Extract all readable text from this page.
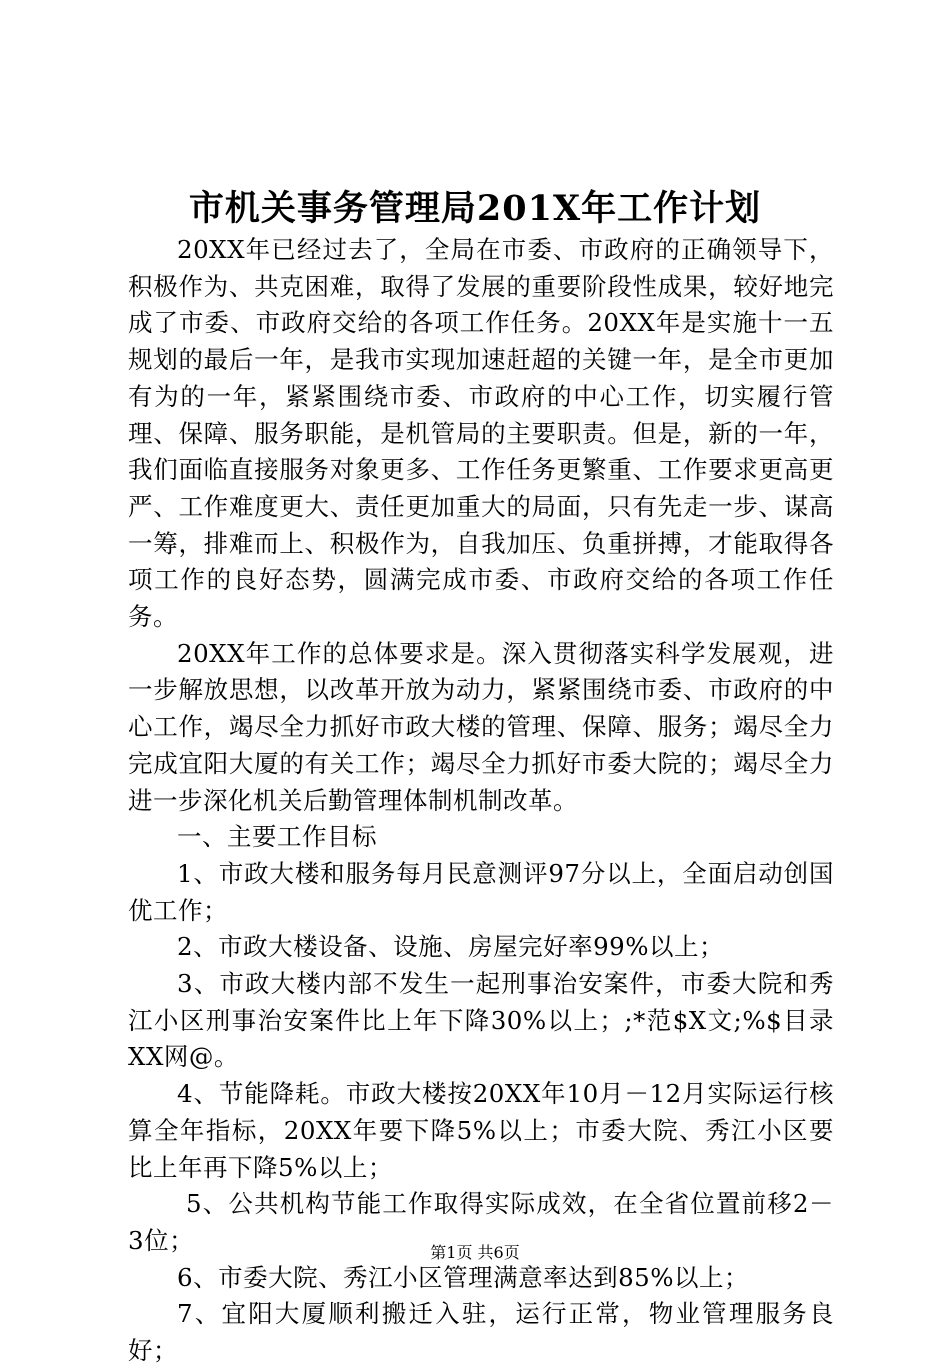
市机关事务管理局201X年工作计划

20XX年已经过去了，全局在市委、市政府的正确领导下，积极作为、共克困难，取得了发展的重要阶段性成果，较好地完成了市委、市政府交给的各项工作任务。20XX年是实施十一五规划的最后一年，是我市实现加速赶超的关键一年，是全市更加有为的一年，紧紧围绕市委、市政府的中心工作，切实履行管理、保障、服务职能，是机管局的主要职责。但是，新的一年，我们面临直接服务对象更多、工作任务更繁重、工作要求更高更严、工作难度更大、责任更加重大的局面，只有先走一步、谋高一筹，排难而上、积极作为，自我加压、负重拼搏，才能取得各项工作的良好态势，圆满完成市委、市政府交给的各项工作任务。

20XX年工作的总体要求是。深入贯彻落实科学发展观，进一步解放思想，以改革开放为动力，紧紧围绕市委、市政府的中心工作，竭尽全力抓好市政大楼的管理、保障、服务；竭尽全力完成宜阳大厦的有关工作；竭尽全力抓好市委大院的；竭尽全力进一步深化机关后勤管理体制机制改革。

一、主要工作目标

1、市政大楼和服务每月民意测评97分以上，全面启动创国优工作；

2、市政大楼设备、设施、房屋完好率99%以上；

3、市政大楼内部不发生一起刑事治安案件，市委大院和秀江小区刑事治安案件比上年下降30%以上；;*范$X文;%$目录XX网@。

4、节能降耗。市政大楼按20XX年10月－12月实际运行核算全年指标，20XX年要下降5%以上；市委大院、秀江小区要比上年再下降5%以上；

5、公共机构节能工作取得实际成效，在全省位置前移2－3位；

6、市委大院、秀江小区管理满意率达到85%以上；

7、宜阳大厦顺利搬迁入驻，运行正常，物业管理服务良好；

第1页 共6页
